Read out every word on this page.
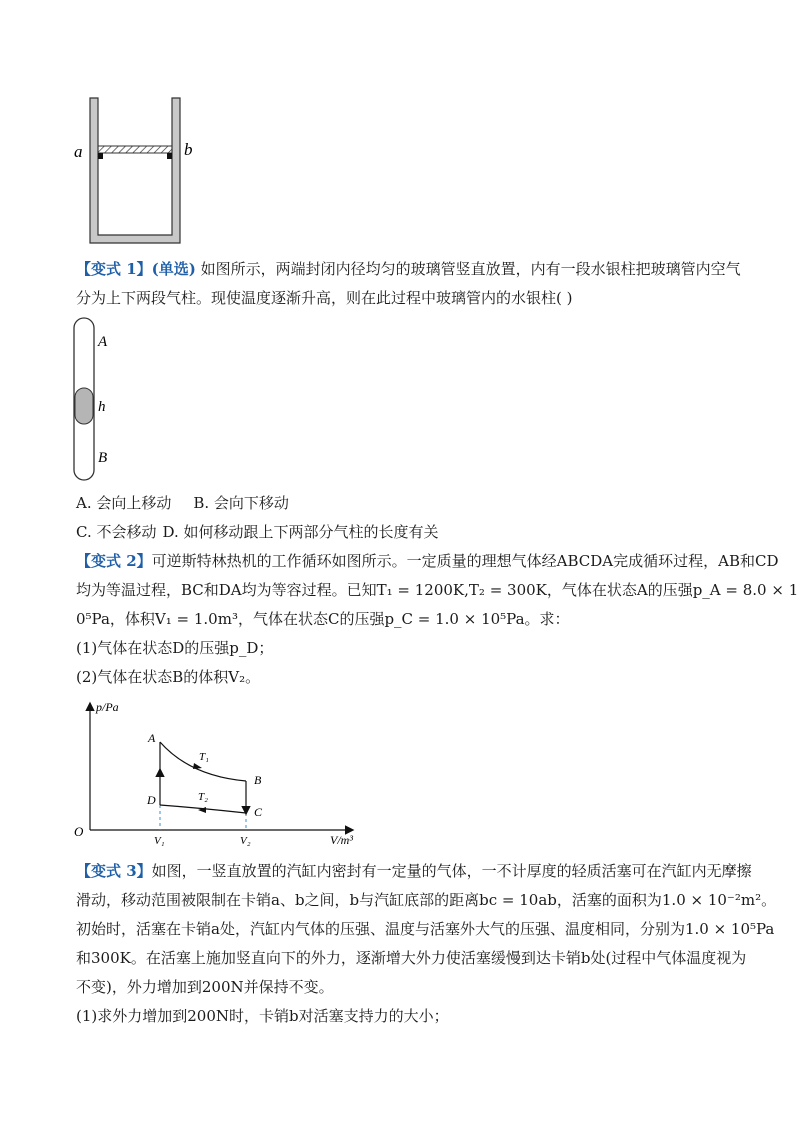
a	b
【变式 1】(单选) 如图所示，两端封闭内径均匀的玻璃管竖直放置，内有一段水银柱把玻璃管内空气
分为上下两段气柱。现使温度逐渐升高，则在此过程中玻璃管内的水银柱( )
A
h
B
A. 会向上移动 B. 会向下移动
C. 不会移动 D. 如何移动跟上下两部分气柱的长度有关
【变式 2】可逆斯特林热机的工作循环如图所示。一定质量的理想气体经ABCDA完成循环过程，AB和CD
均为等温过程，BC和DA均为等容过程。已知T₁ = 1200K,T₂ = 300K，气体在状态A的压强p_A = 8.0 × 1
0⁵Pa，体积V₁ = 1.0m³，气体在状态C的压强p_C = 1.0 × 10⁵Pa。求：
(1)气体在状态D的压强p_D；
(2)气体在状态B的体积V₂。
p/Pa
V/m³
O
A
B
C
D
T₁
T₂
V₁	V₂
【变式 3】如图，一竖直放置的汽缸内密封有一定量的气体，一不计厚度的轻质活塞可在汽缸内无摩擦
滑动，移动范围被限制在卡销a、b之间，b与汽缸底部的距离bc = 10ab，活塞的面积为1.0 × 10⁻²m²。
初始时，活塞在卡销a处，汽缸内气体的压强、温度与活塞外大气的压强、温度相同，分别为1.0 × 10⁵Pa
和300K。在活塞上施加竖直向下的外力，逐渐增大外力使活塞缓慢到达卡销b处(过程中气体温度视为
不变)，外力增加到200N并保持不变。
(1)求外力增加到200N时，卡销b对活塞支持力的大小；
